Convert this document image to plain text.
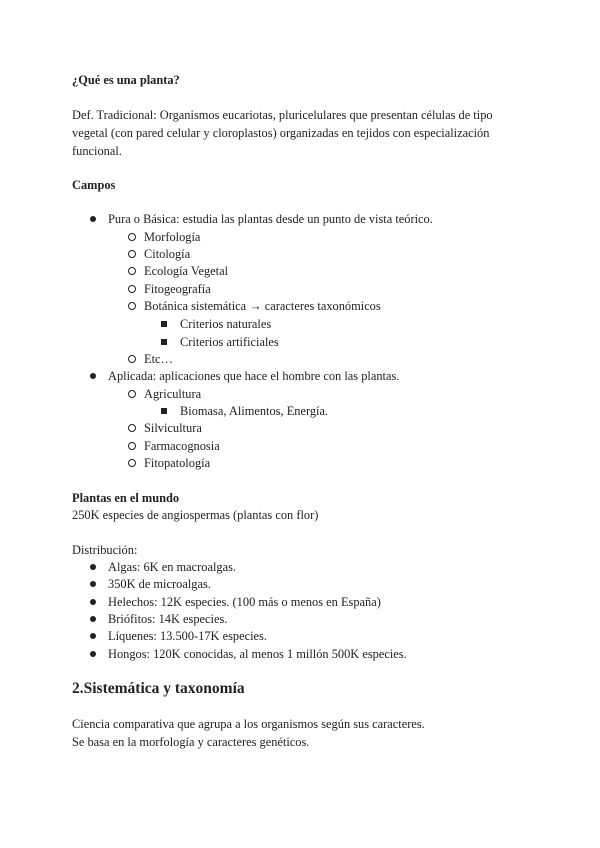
¿Qué es una planta?
Def. Tradicional: Organismos eucariotas, pluricelulares que presentan células de tipo
vegetal (con pared celular y cloroplastos) organizadas en tejidos con especialización
funcional.
Campos
Pura o Básica: estudia las plantas desde un punto de vista teórico.
Morfología
Citología
Ecología Vegetal
Fitogeografía
Botánica sistemática → caracteres taxonómicos
Criterios naturales
Criterios artificiales
Etc…
Aplicada: aplicaciones que hace el hombre con las plantas.
Agricultura
Biomasa, Alimentos, Energía.
Silvicultura
Farmacognosia
Fitopatología
Plantas en el mundo
250K especies de angiospermas (plantas con flor)
Distribución:
Algas: 6K en macroalgas.
350K de microalgas.
Helechos: 12K especies. (100 más o menos en España)
Briófitos: 14K especies.
Líquenes: 13.500-17K especies.
Hongos: 120K conocidas, al menos 1 millón 500K especies.
2.Sistemática y taxonomía
Ciencia comparativa que agrupa a los organismos según sus caracteres.
Se basa en la morfología y caracteres genéticos.
